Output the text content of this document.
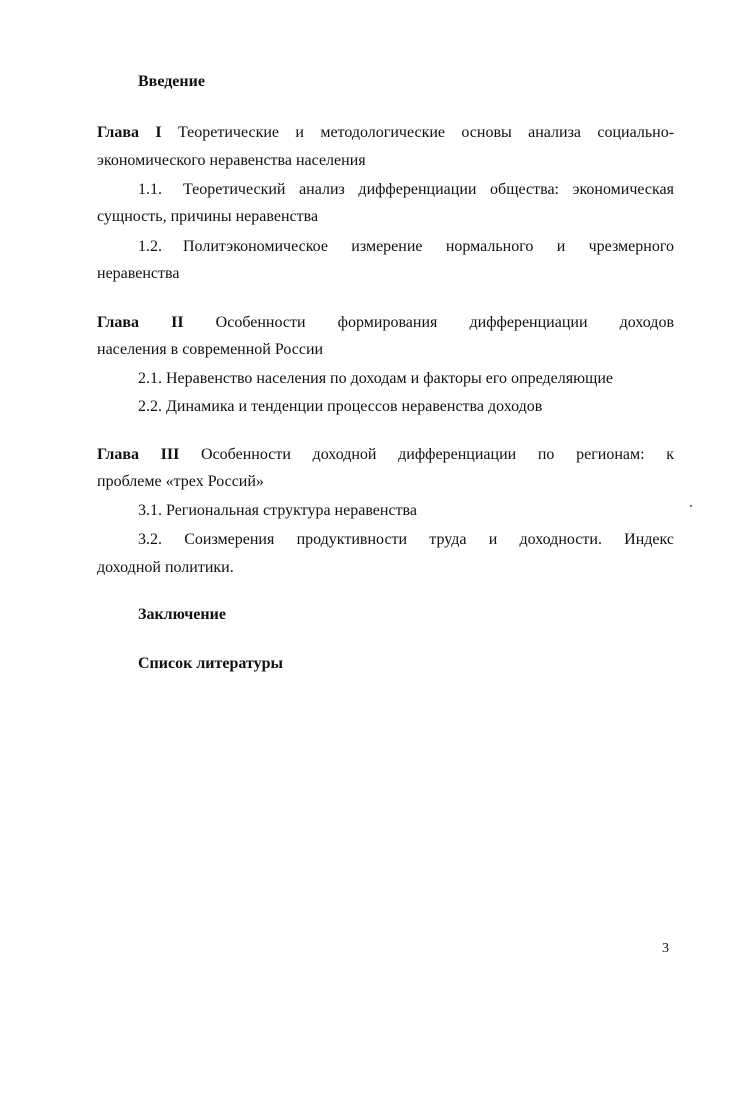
Введение
Глава I Теоретические и методологические основы анализа социально-
экономического неравенства населения
1.1. Теоретический анализ дифференциации общества: экономическая
сущность, причины неравенства
1.2. Политэкономическое измерение нормального и чрезмерного
неравенства
Глава II Особенности формирования дифференциации доходов
населения в современной России
2.1. Неравенство населения по доходам и факторы его определяющие
2.2. Динамика и тенденции процессов неравенства доходов
Глава III Особенности доходной дифференциации по регионам: к
проблеме «трех Россий»
3.1. Региональная структура неравенства
3.2. Соизмерения продуктивности труда и доходности. Индекс
доходной политики.
Заключение
Список литературы
3
